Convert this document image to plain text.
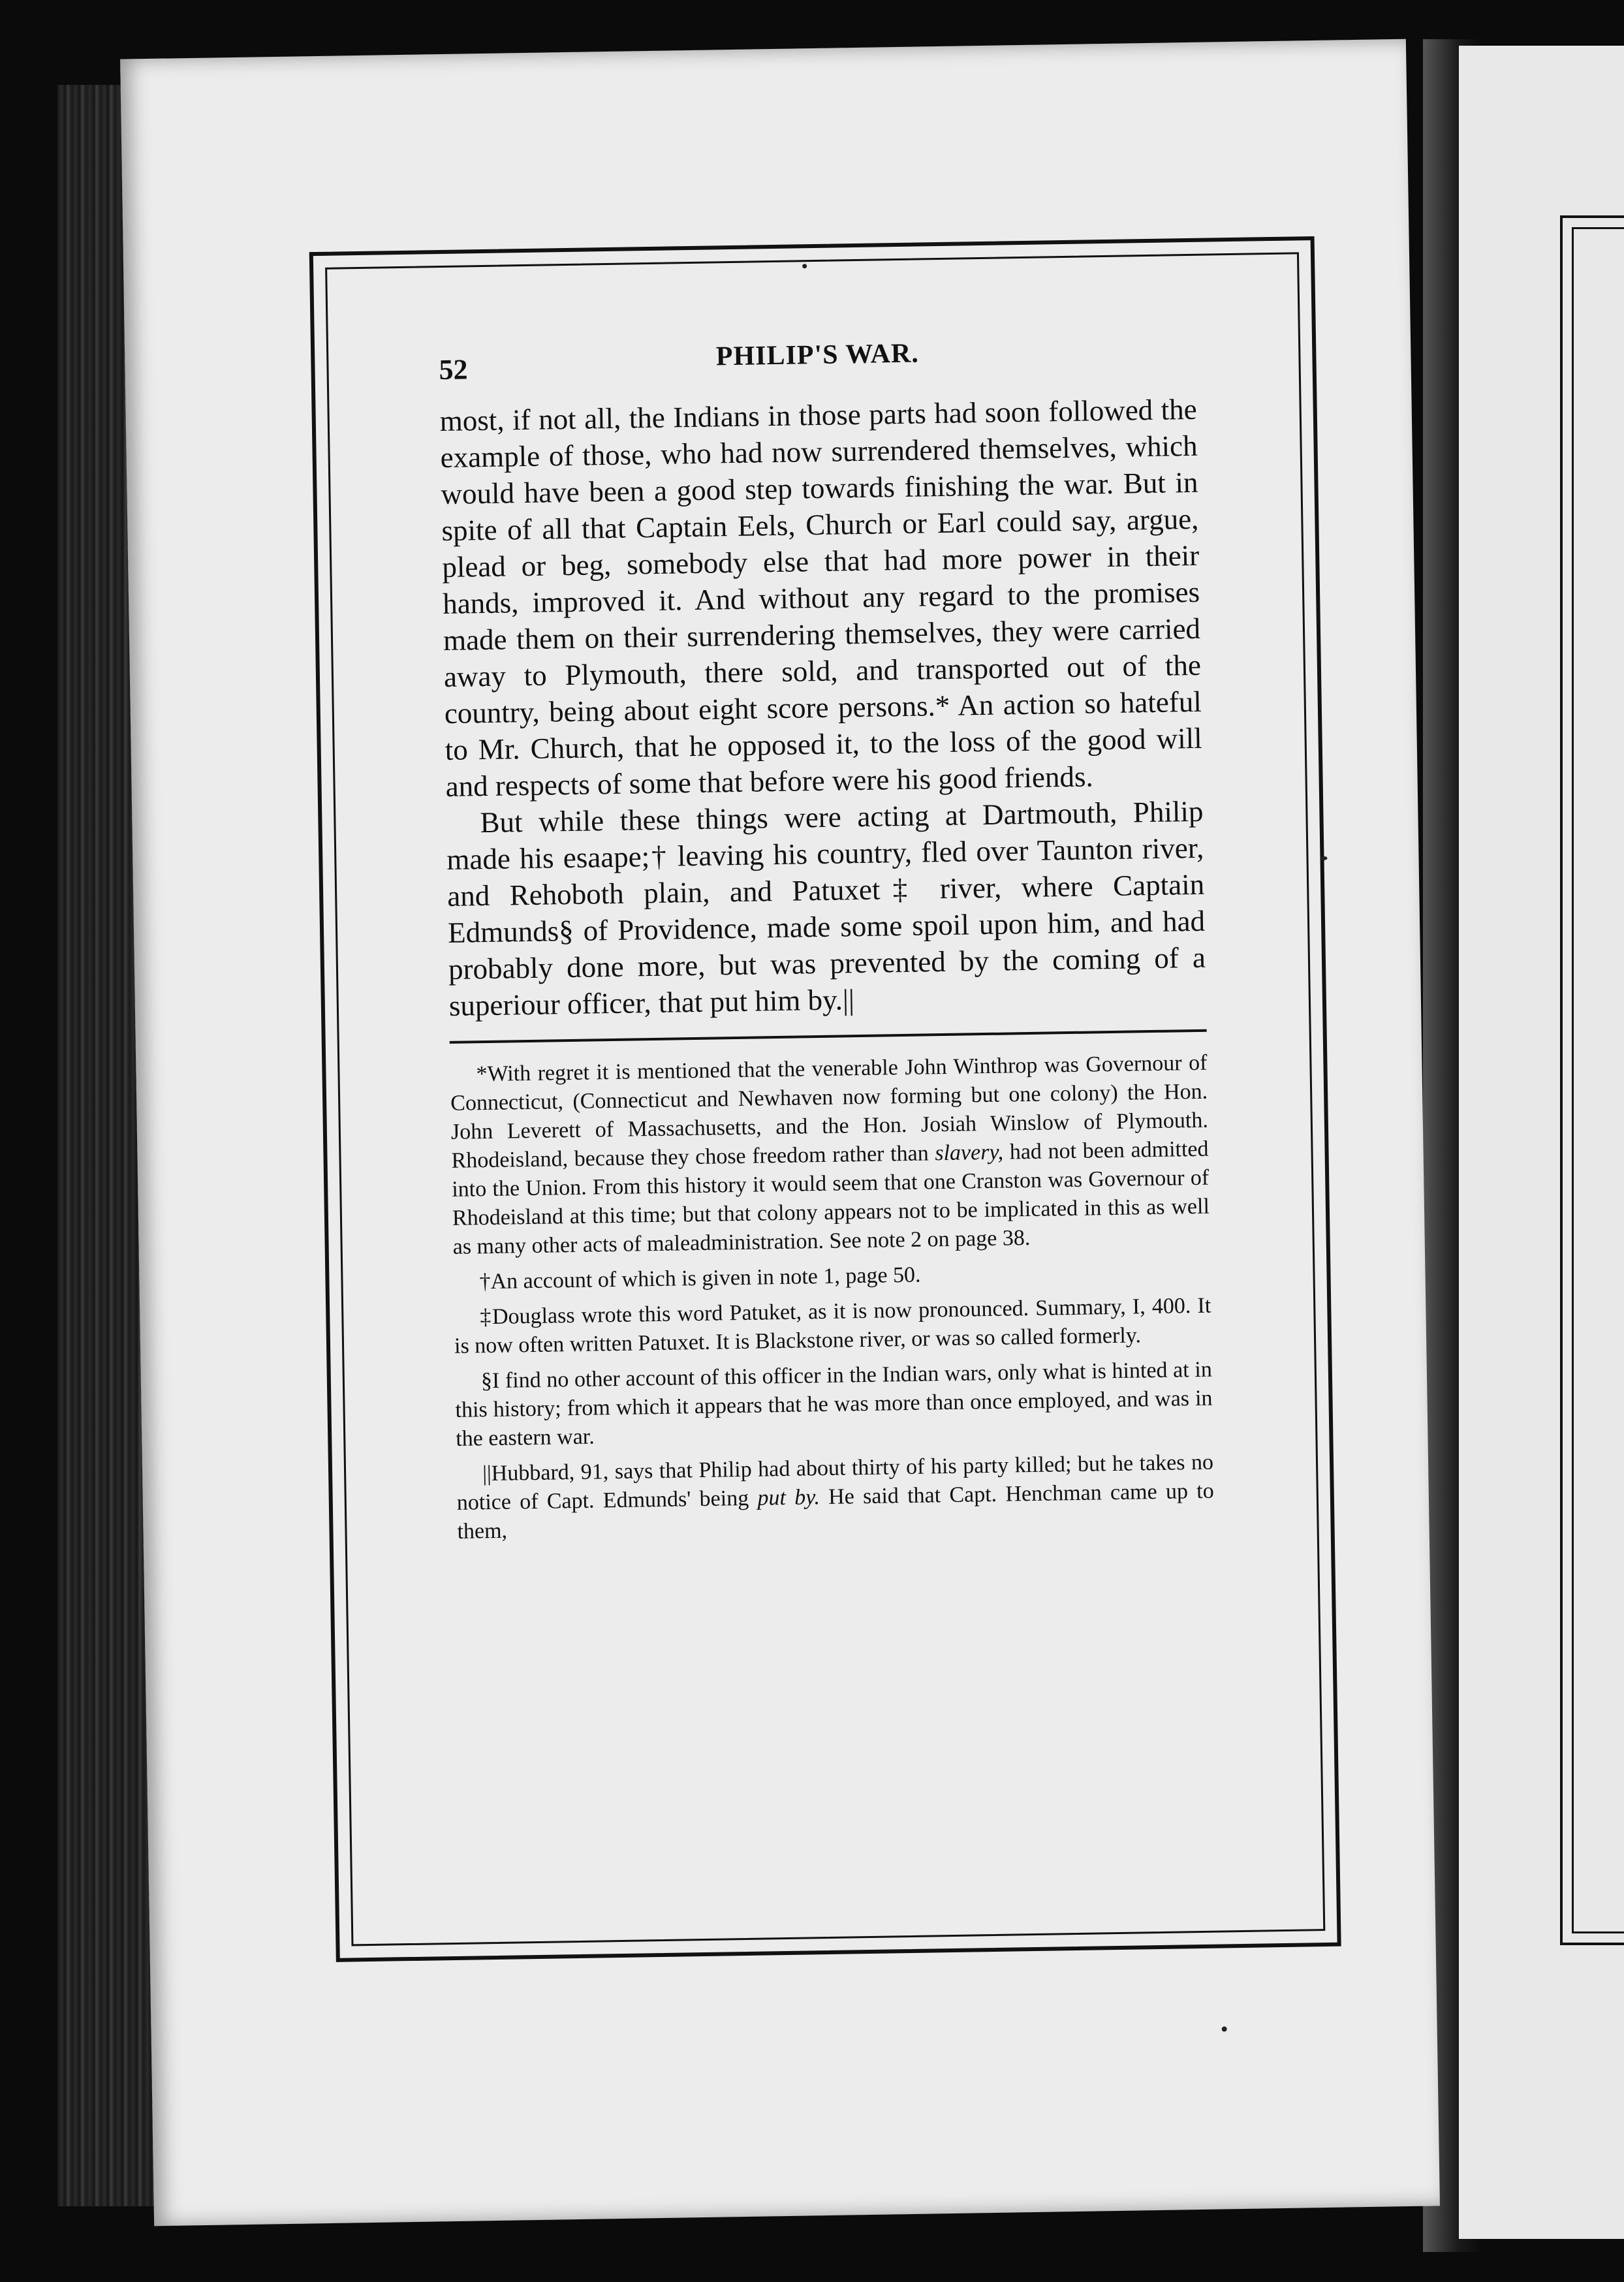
52	PHILIP'S WAR.

most, if not all, the Indians in those parts had soon followed the example of those, who had now surrendered themselves, which would have been a good step towards finishing the war. But in spite of all that Captain Eels, Church or Earl could say, argue, plead or beg, somebody else that had more power in their hands, improved it. And without any regard to the promises made them on their surrendering themselves, they were carried away to Plymouth, there sold, and transported out of the country, being about eight score persons.* An action so hateful to Mr. Church, that he opposed it, to the loss of the good will and respects of some that before were his good friends.

But while these things were acting at Dartmouth, Philip made his esaape;† leaving his country, fled over Taunton river, and Rehoboth plain, and Patuxet‡ river, where Captain Edmunds§ of Providence, made some spoil upon him, and had probably done more, but was prevented by the coming of a superiour officer, that put him by.||

*With regret it is mentioned that the venerable John Winthrop was Governour of Connecticut, (Connecticut and Newhaven now forming but one colony) the Hon. John Leverett of Massachusetts, and the Hon. Josiah Winslow of Plymouth. Rhodeisland, because they chose freedom rather than slavery, had not been admitted into the Union. From this history it would seem that one Cranston was Governour of Rhodeisland at this time; but that colony appears not to be implicated in this as well as many other acts of maleadministration. See note 2 on page 38.

†An account of which is given in note 1, page 50.

‡Douglass wrote this word Patuket, as it is now pronounced. Summary, I, 400. It is now often written Patuxet. It is Blackstone river, or was so called formerly.

§I find no other account of this officer in the Indian wars, only what is hinted at in this history; from which it appears that he was more than once employed, and was in the eastern war.

||Hubbard, 91, says that Philip had about thirty of his party killed; but he takes no notice of Capt. Edmunds' being put by. He said that Capt. Henchman came up to them,
